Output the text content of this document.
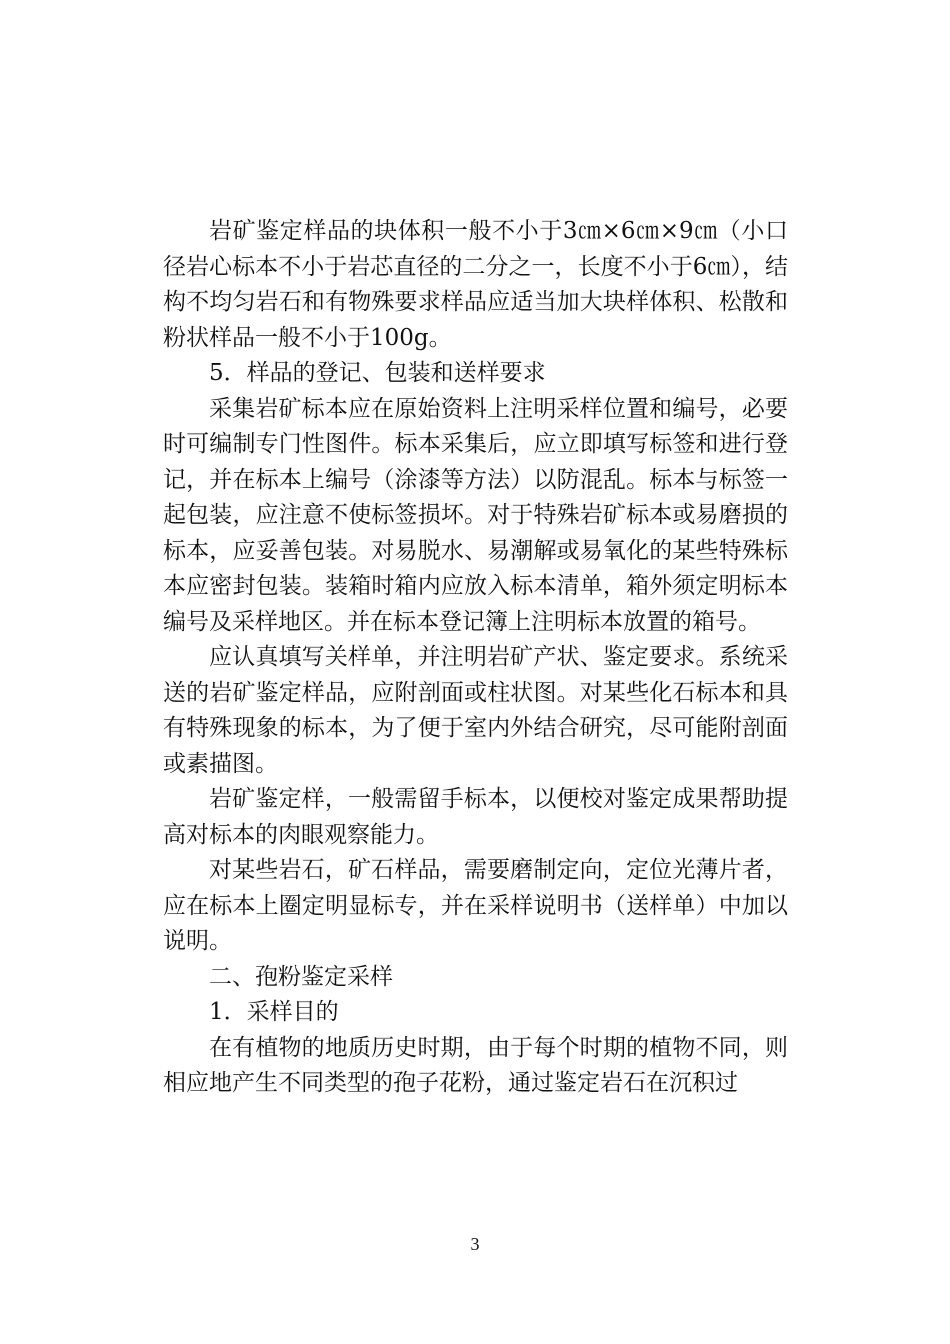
岩矿鉴定样品的块体积一般不小于3㎝×6㎝×9㎝（小口径岩心标本不小于岩芯直径的二分之一，长度不小于6㎝），结构不均匀岩石和有物殊要求样品应适当加大块样体积、松散和粉状样品一般不小于100g。

5．样品的登记、包装和送样要求

采集岩矿标本应在原始资料上注明采样位置和编号，必要时可编制专门性图件。标本采集后，应立即填写标签和进行登记，并在标本上编号（涂漆等方法）以防混乱。标本与标签一起包装，应注意不使标签损坏。对于特殊岩矿标本或易磨损的标本，应妥善包装。对易脱水、易潮解或易氧化的某些特殊标本应密封包装。装箱时箱内应放入标本清单，箱外须定明标本编号及采样地区。并在标本登记簿上注明标本放置的箱号。

应认真填写关样单，并注明岩矿产状、鉴定要求。系统采送的岩矿鉴定样品，应附剖面或柱状图。对某些化石标本和具有特殊现象的标本，为了便于室内外结合研究，尽可能附剖面或素描图。

岩矿鉴定样，一般需留手标本，以便校对鉴定成果帮助提高对标本的肉眼观察能力。

对某些岩石，矿石样品，需要磨制定向，定位光薄片者，应在标本上圈定明显标专，并在采样说明书（送样单）中加以说明。

二、孢粉鉴定采样

1．采样目的

在有植物的地质历史时期，由于每个时期的植物不同，则相应地产生不同类型的孢子花粉，通过鉴定岩石在沉积过

3
